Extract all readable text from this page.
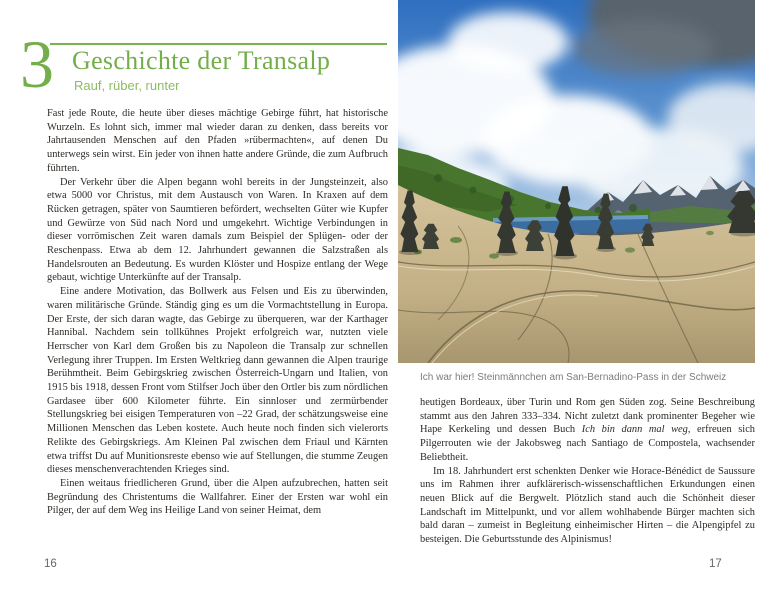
3 Geschichte der Transalp
Rauf, rüber, runter

Fast jede Route, die heute über dieses mächtige Gebirge führt, hat historische Wurzeln. Es lohnt sich, immer mal wieder daran zu denken, dass bereits vor Jahrtausenden Menschen auf den Pfaden »rübermachten«, auf denen Du unterwegs sein wirst. Ein jeder von ihnen hatte andere Gründe, die zum Aufbruch führten.

Der Verkehr über die Alpen begann wohl bereits in der Jungsteinzeit, also etwa 5000 vor Christus, mit dem Austausch von Waren. In Kraxen auf dem Rücken getragen, später von Saumtieren befördert, wechselten Güter wie Kupfer und Gewürze von Süd nach Nord und umgekehrt. Wichtige Verbindungen in dieser vorrömischen Zeit waren damals zum Beispiel der Splügen- oder der Reschenpass. Etwa ab dem 12. Jahrhundert gewannen die Salzstraßen als Handelsrouten an Bedeutung. Es wurden Klöster und Hospize entlang der Wege gebaut, wichtige Unterkünfte auf der Transalp.

Eine andere Motivation, das Bollwerk aus Felsen und Eis zu überwinden, waren militärische Gründe. Ständig ging es um die Vormachtstellung in Europa. Der Erste, der sich daran wagte, das Gebirge zu überqueren, war der Karthager Hannibal. Nachdem sein tollkühnes Projekt erfolgreich war, nutzten viele Herrscher von Karl dem Großen bis zu Napoleon die Transalp zur schnellen Verlegung ihrer Truppen. Im Ersten Weltkrieg dann gewannen die Alpen traurige Berühmtheit. Beim Gebirgskrieg zwischen Österreich-Ungarn und Italien, von 1915 bis 1918, dessen Front vom Stilfser Joch über den Ortler bis zum nördlichen Gardasee über 600 Kilometer führte. Ein sinnloser und zermürbender Stellungskrieg bei eisigen Temperaturen von –22 Grad, der schätzungsweise eine Millionen Menschen das Leben kostete. Auch heute noch finden sich vielerorts Relikte des Gebirgskriegs. Am Kleinen Pal zwischen dem Friaul und Kärnten etwa triffst Du auf Munitionsreste ebenso wie auf Stellungen, die stumme Zeugen dieses menschenverachtenden Krieges sind.

Einen weitaus friedlicheren Grund, über die Alpen aufzubrechen, hatten seit Begründung des Christentums die Wallfahrer. Einer der Ersten war wohl ein Pilger, der auf dem Weg ins Heilige Land von seiner Heimat, dem

16
Ich war hier! Steinmännchen am San-Bernadino-Pass in der Schweiz

heutigen Bordeaux, über Turin und Rom gen Süden zog. Seine Beschreibung stammt aus den Jahren 333–334. Nicht zuletzt dank prominenter Begeher wie Hape Kerkeling und dessen Buch Ich bin dann mal weg, erfreuen sich Pilgerrouten wie der Jakobsweg nach Santiago de Compostela, wachsender Beliebtheit.

Im 18. Jahrhundert erst schenkten Denker wie Horace-Bénédict de Saussure uns im Rahmen ihrer aufklärerisch-wissenschaftlichen Erkundungen einen neuen Blick auf die Bergwelt. Plötzlich stand auch die Schönheit dieser Landschaft im Mittelpunkt, und vor allem wohlhabende Bürger machten sich bald daran – zumeist in Begleitung einheimischer Hirten – die Alpengipfel zu besteigen. Die Geburtsstunde des Alpinismus!

17
